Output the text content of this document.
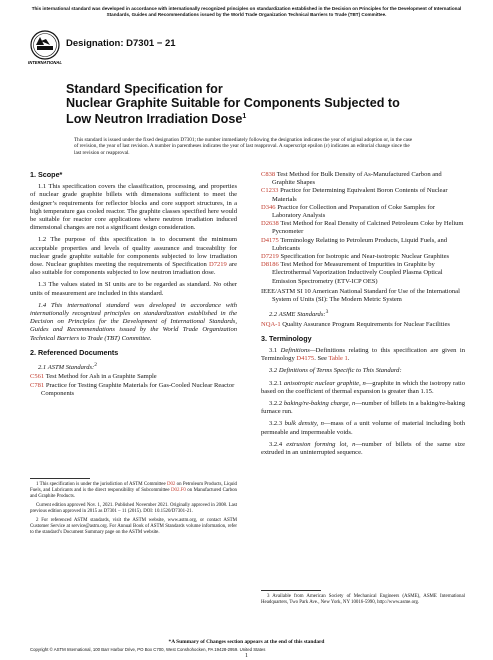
This international standard was developed in accordance with internationally recognized principles on standardization established in the Decision on Principles for the Development of International Standards, Guides and Recommendations issued by the World Trade Organization Technical Barriers to Trade (TBT) Committee.
INTERNATIONAL
Designation: D7301 − 21
Standard Specification for
Nuclear Graphite Suitable for Components Subjected to
Low Neutron Irradiation Dose$^1$
This standard is issued under the fixed designation D7301; the number immediately following the designation indicates the year of original adoption or, in the case of revision, the year of last revision. A number in parentheses indicates the year of last reapproval. A superscript epsilon (ε) indicates an editorial change since the last revision or reapproval.
1. Scope*

1.1 This specification covers the classification, processing, and properties of nuclear grade graphite billets with dimensions sufficient to meet the designer’s requirements for reflector blocks and core support structures, in a high temperature gas cooled reactor. The graphite classes specified here would be suitable for reactor core applications where neutron irradiation induced dimensional changes are not a significant design consideration.

1.2 The purpose of this specification is to document the minimum acceptable properties and levels of quality assurance and traceability for nuclear grade graphite suitable for components subjected to low irradiation dose. Nuclear graphites meeting the requirements of Specification D7219 are also suitable for components subjected to low neutron irradiation dose.

1.3 The values stated in SI units are to be regarded as standard. No other units of measurement are included in this standard.

1.4 This international standard was developed in accordance with internationally recognized principles on standardization established in the Decision on Principles for the Development of International Standards, Guides and Recommendations issued by the World Trade Organization Technical Barriers to Trade (TBT) Committee.

2. Referenced Documents
2.1 ASTM Standards:$^2$
C561 Test Method for Ash in a Graphite Sample
C781 Practice for Testing Graphite Materials for Gas-Cooled Nuclear Reactor Components

1 This specification is under the jurisdiction of ASTM Committee D02 on Petroleum Products, Liquid Fuels, and Lubricants and is the direct responsibility of Subcommittee D02.F0 on Manufactured Carbon and Graphite Products.

Current edition approved Nov. 1, 2021. Published November 2021. Originally approved in 2008. Last previous edition approved in 2015 as D7301 – 11 (2015). DOI: 10.1520/D7301-21.

2 For referenced ASTM standards, visit the ASTM website, www.astm.org, or contact ASTM Customer Service at service@astm.org. For Annual Book of ASTM Standards volume information, refer to the standard’s Document Summary page on the ASTM website.

C838 Test Method for Bulk Density of As-Manufactured Carbon and Graphite Shapes
C1233 Practice for Determining Equivalent Boron Contents of Nuclear Materials
D346 Practice for Collection and Preparation of Coke Samples for Laboratory Analysis
D2638 Test Method for Real Density of Calcined Petroleum Coke by Helium Pycnometer
D4175 Terminology Relating to Petroleum Products, Liquid Fuels, and Lubricants
D7219 Specification for Isotropic and Near-isotropic Nuclear Graphites
D8186 Test Method for Measurement of Impurities in Graphite by Electrothermal Vaporization Inductively Coupled Plasma Optical Emission Spectrometry (ETV-ICP OES)
IEEE/ASTM SI 10 American National Standard for Use of the International System of Units (SI): The Modern Metric System
2.2 ASME Standards:$^3$
NQA-1 Quality Assurance Program Requirements for Nuclear Facilities
3. Terminology

3.1 Definitions—Definitions relating to this specification are given in Terminology D4175. See Table 1.

3.2 Definitions of Terms Specific to This Standard:

3.2.1 anisotropic nuclear graphite, n—graphite in which the isotropy ratio based on the coefficient of thermal expansion is greater than 1.15.

3.2.2 baking/re-baking charge, n—number of billets in a baking/re-baking furnace run.

3.2.3 bulk density, n—mass of a unit volume of material including both permeable and impermeable voids.

3.2.4 extrusion forming lot, n—number of billets of the same size extruded in an uninterrupted sequence.

3 Available from American Society of Mechanical Engineers (ASME), ASME International Headquarters, Two Park Ave., New York, NY 10016-5990, http://www.asme.org.

*A Summary of Changes section appears at the end of this standard
Copyright © ASTM International, 100 Barr Harbor Drive, PO Box C700, West Conshohocken, PA 19428-2959. United States
1
